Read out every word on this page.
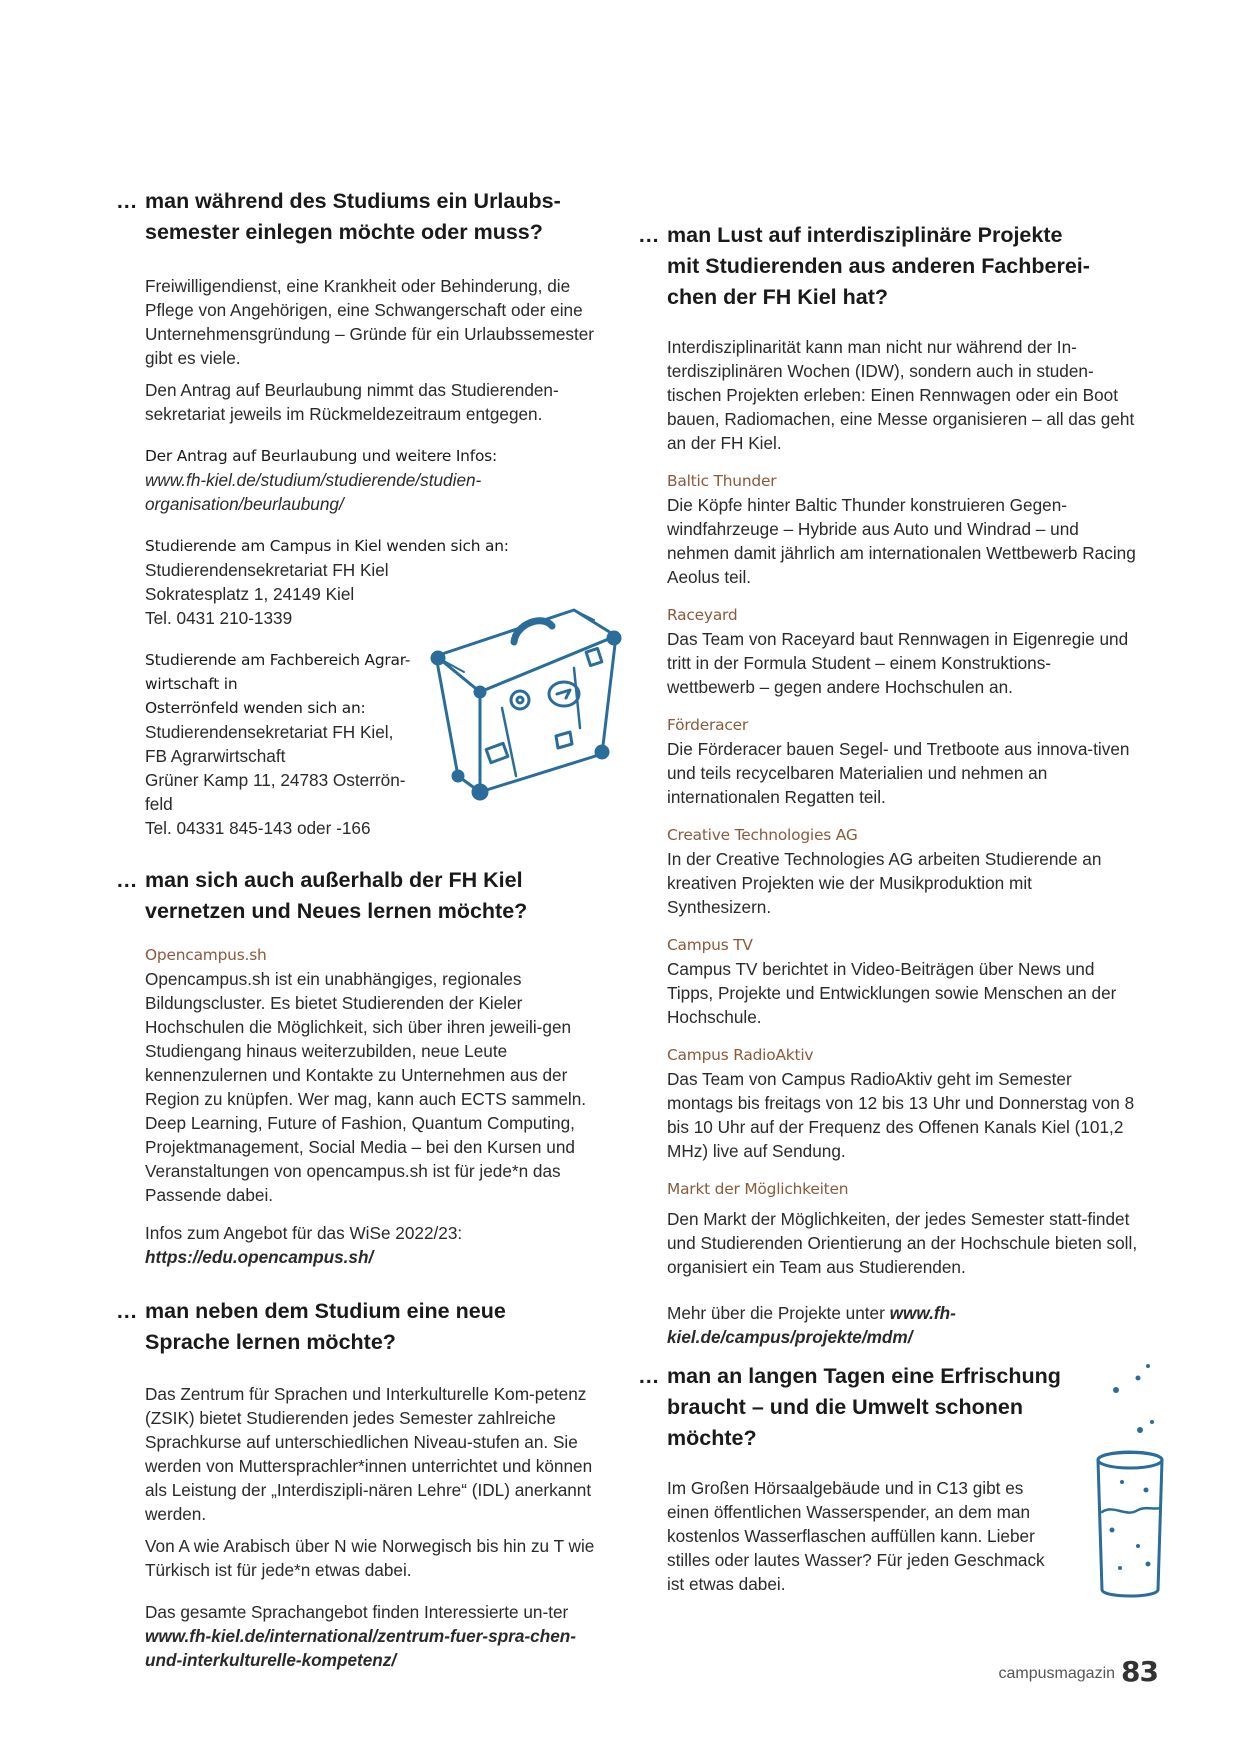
… man während des Studiums ein Urlaubs-
semester einlegen möchte oder muss?

Freiwilligendienst, eine Krankheit oder Behinderung, die Pflege von Angehörigen, eine Schwangerschaft oder eine Unternehmensgründung – Gründe für ein Urlaubssemester gibt es viele.

Den Antrag auf Beurlaubung nimmt das Studierenden-sekretariat jeweils im Rückmeldezeitraum entgegen.

Der Antrag auf Beurlaubung und weitere Infos:
www.fh-kiel.de/studium/studierende/studien-organisation/beurlaubung/
Studierende am Campus in Kiel wenden sich an:
Studierendensekretariat FH Kiel
Sokratesplatz 1, 24149 Kiel
Tel. 0431 210-1339
Studierende am Fachbereich Agrar-
wirtschaft in
Osterrönfeld wenden sich an:
Studierendensekretariat FH Kiel,
FB Agrarwirtschaft
Grüner Kamp 11, 24783 Osterrön-
feld
Tel. 04331 845-143 oder -166
… man sich auch außerhalb der FH Kiel
vernetzen und Neues lernen möchte?
Opencampus.sh

Opencampus.sh ist ein unabhängiges, regionales Bildungscluster. Es bietet Studierenden der Kieler Hochschulen die Möglichkeit, sich über ihren jeweili-gen Studiengang hinaus weiterzubilden, neue Leute kennenzulernen und Kontakte zu Unternehmen aus der Region zu knüpfen. Wer mag, kann auch ECTS sammeln. Deep Learning, Future of Fashion, Quantum Computing, Projektmanagement, Social Media – bei den Kursen und Veranstaltungen von opencampus.sh ist für jede*n das Passende dabei.

Infos zum Angebot für das WiSe 2022/23:

https://edu.opencampus.sh/
… man neben dem Studium eine neue
Sprache lernen möchte?

Das Zentrum für Sprachen und Interkulturelle Kom-petenz (ZSIK) bietet Studierenden jedes Semester zahlreiche Sprachkurse auf unterschiedlichen Niveau-stufen an. Sie werden von Muttersprachler*innen unterrichtet und können als Leistung der „Interdiszipli-nären Lehre“ (IDL) anerkannt werden.

Von A wie Arabisch über N wie Norwegisch bis hin zu T wie Türkisch ist für jede*n etwas dabei.

Das gesamte Sprachangebot finden Interessierte un-ter www.fh-kiel.de/international/zentrum-fuer-spra-chen-und-interkulturelle-kompetenz/

… man Lust auf interdisziplinäre Projekte
mit Studierenden aus anderen Fachberei-
chen der FH Kiel hat?

Interdisziplinarität kann man nicht nur während der In-terdisziplinären Wochen (IDW), sondern auch in studen-tischen Projekten erleben: Einen Rennwagen oder ein Boot bauen, Radiomachen, eine Messe organisieren – all das geht an der FH Kiel.

Baltic Thunder

Die Köpfe hinter Baltic Thunder konstruieren Gegen-windfahrzeuge – Hybride aus Auto und Windrad – und nehmen damit jährlich am internationalen Wettbewerb Racing Aeolus teil.

Raceyard

Das Team von Raceyard baut Rennwagen in Eigenregie und tritt in der Formula Student – einem Konstruktions-wettbewerb – gegen andere Hochschulen an.

Förderacer

Die Förderacer bauen Segel- und Tretboote aus innova-tiven und teils recycelbaren Materialien und nehmen an internationalen Regatten teil.

Creative Technologies AG

In der Creative Technologies AG arbeiten Studierende an kreativen Projekten wie der Musikproduktion mit Synthesizern.

Campus TV

Campus TV berichtet in Video-Beiträgen über News und Tipps, Projekte und Entwicklungen sowie Menschen an der Hochschule.

Campus RadioAktiv

Das Team von Campus RadioAktiv geht im Semester montags bis freitags von 12 bis 13 Uhr und Donnerstag von 8 bis 10 Uhr auf der Frequenz des Offenen Kanals Kiel (101,2 MHz) live auf Sendung.

Markt der Möglichkeiten

Den Markt der Möglichkeiten, der jedes Semester statt-findet und Studierenden Orientierung an der Hochschule bieten soll, organisiert ein Team aus Studierenden.

Mehr über die Projekte unter www.fh-kiel.de/campus/projekte/mdm/

… man an langen Tagen eine Erfrischung
braucht – und die Umwelt schonen
möchte?

Im Großen Hörsaalgebäude und in C13 gibt es einen öffentlichen Wasserspender, an dem man kostenlos Wasserflaschen auffüllen kann. Lieber stilles oder lautes Wasser? Für jeden Geschmack ist etwas dabei.

campusmagazin 83
